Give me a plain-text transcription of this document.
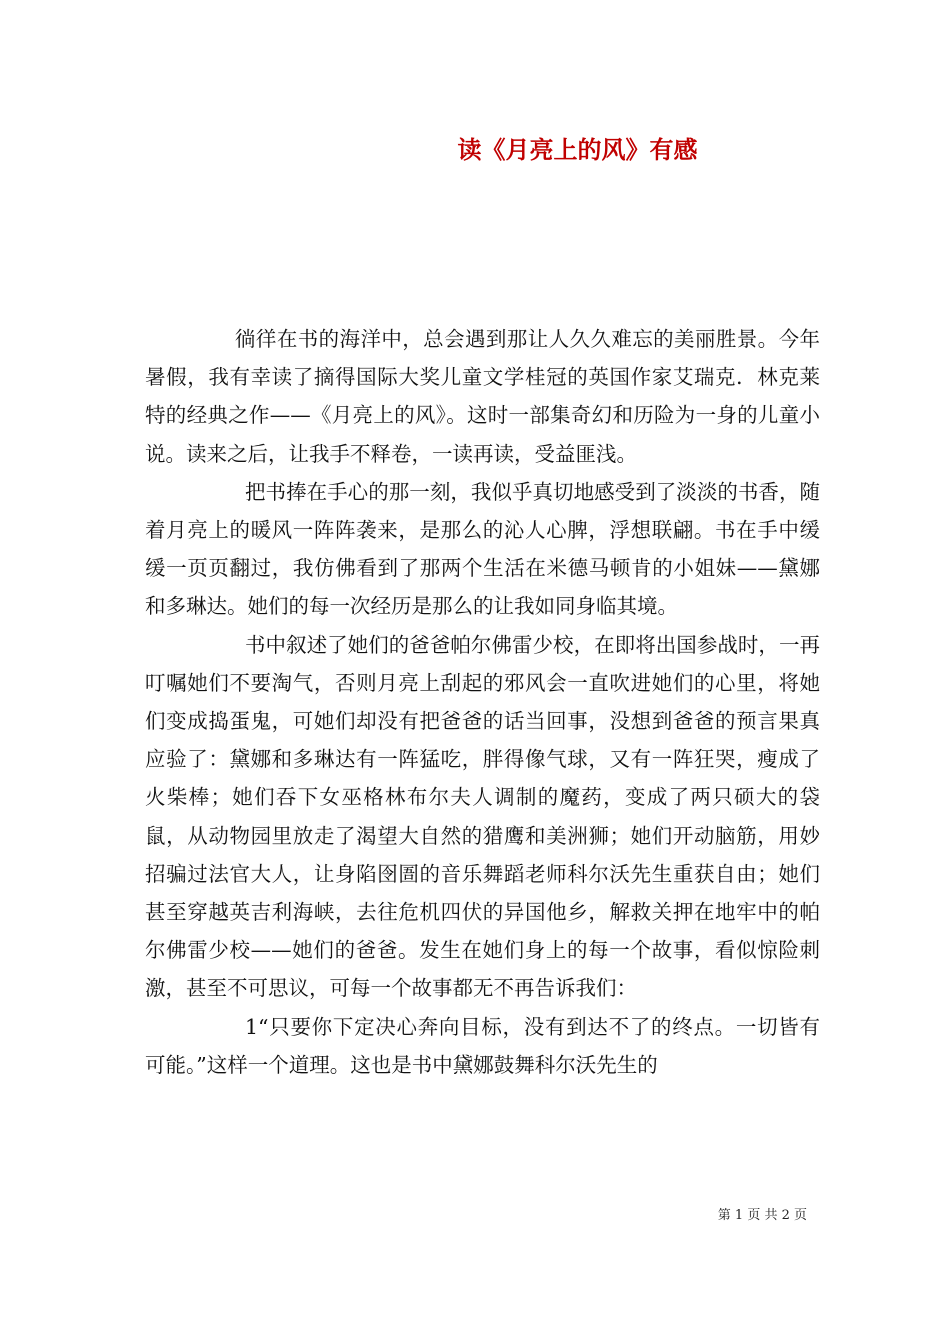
读《月亮上的风》有感

徜徉在书的海洋中，总会遇到那让人久久难忘的美丽胜景。今年暑假，我有幸读了摘得国际大奖儿童文学桂冠的英国作家艾瑞克．林克莱特的经典之作——《月亮上的风》。这时一部集奇幻和历险为一身的儿童小说。读来之后，让我手不释卷，一读再读，受益匪浅。

把书捧在手心的那一刻，我似乎真切地感受到了淡淡的书香，随着月亮上的暖风一阵阵袭来，是那么的沁人心脾，浮想联翩。书在手中缓缓一页页翻过，我仿佛看到了那两个生活在米德马顿肯的小姐妹——黛娜和多琳达。她们的每一次经历是那么的让我如同身临其境。

书中叙述了她们的爸爸帕尔佛雷少校，在即将出国参战时，一再叮嘱她们不要淘气，否则月亮上刮起的邪风会一直吹进她们的心里，将她们变成捣蛋鬼，可她们却没有把爸爸的话当回事，没想到爸爸的预言果真应验了：黛娜和多琳达有一阵猛吃，胖得像气球，又有一阵狂哭，瘦成了火柴棒；她们吞下女巫格林布尔夫人调制的魔药，变成了两只硕大的袋鼠，从动物园里放走了渴望大自然的猎鹰和美洲狮；她们开动脑筋，用妙招骗过法官大人，让身陷囹圄的音乐舞蹈老师科尔沃先生重获自由；她们甚至穿越英吉利海峡，去往危机四伏的异国他乡，解救关押在地牢中的帕尔佛雷少校——她们的爸爸。发生在她们身上的每一个故事，看似惊险刺激，甚至不可思议，可每一个故事都无不再告诉我们：

1“只要你下定决心奔向目标，没有到达不了的终点。一切皆有可能。”这样一个道理。这也是书中黛娜鼓舞科尔沃先生的

第 1 页 共 2 页
